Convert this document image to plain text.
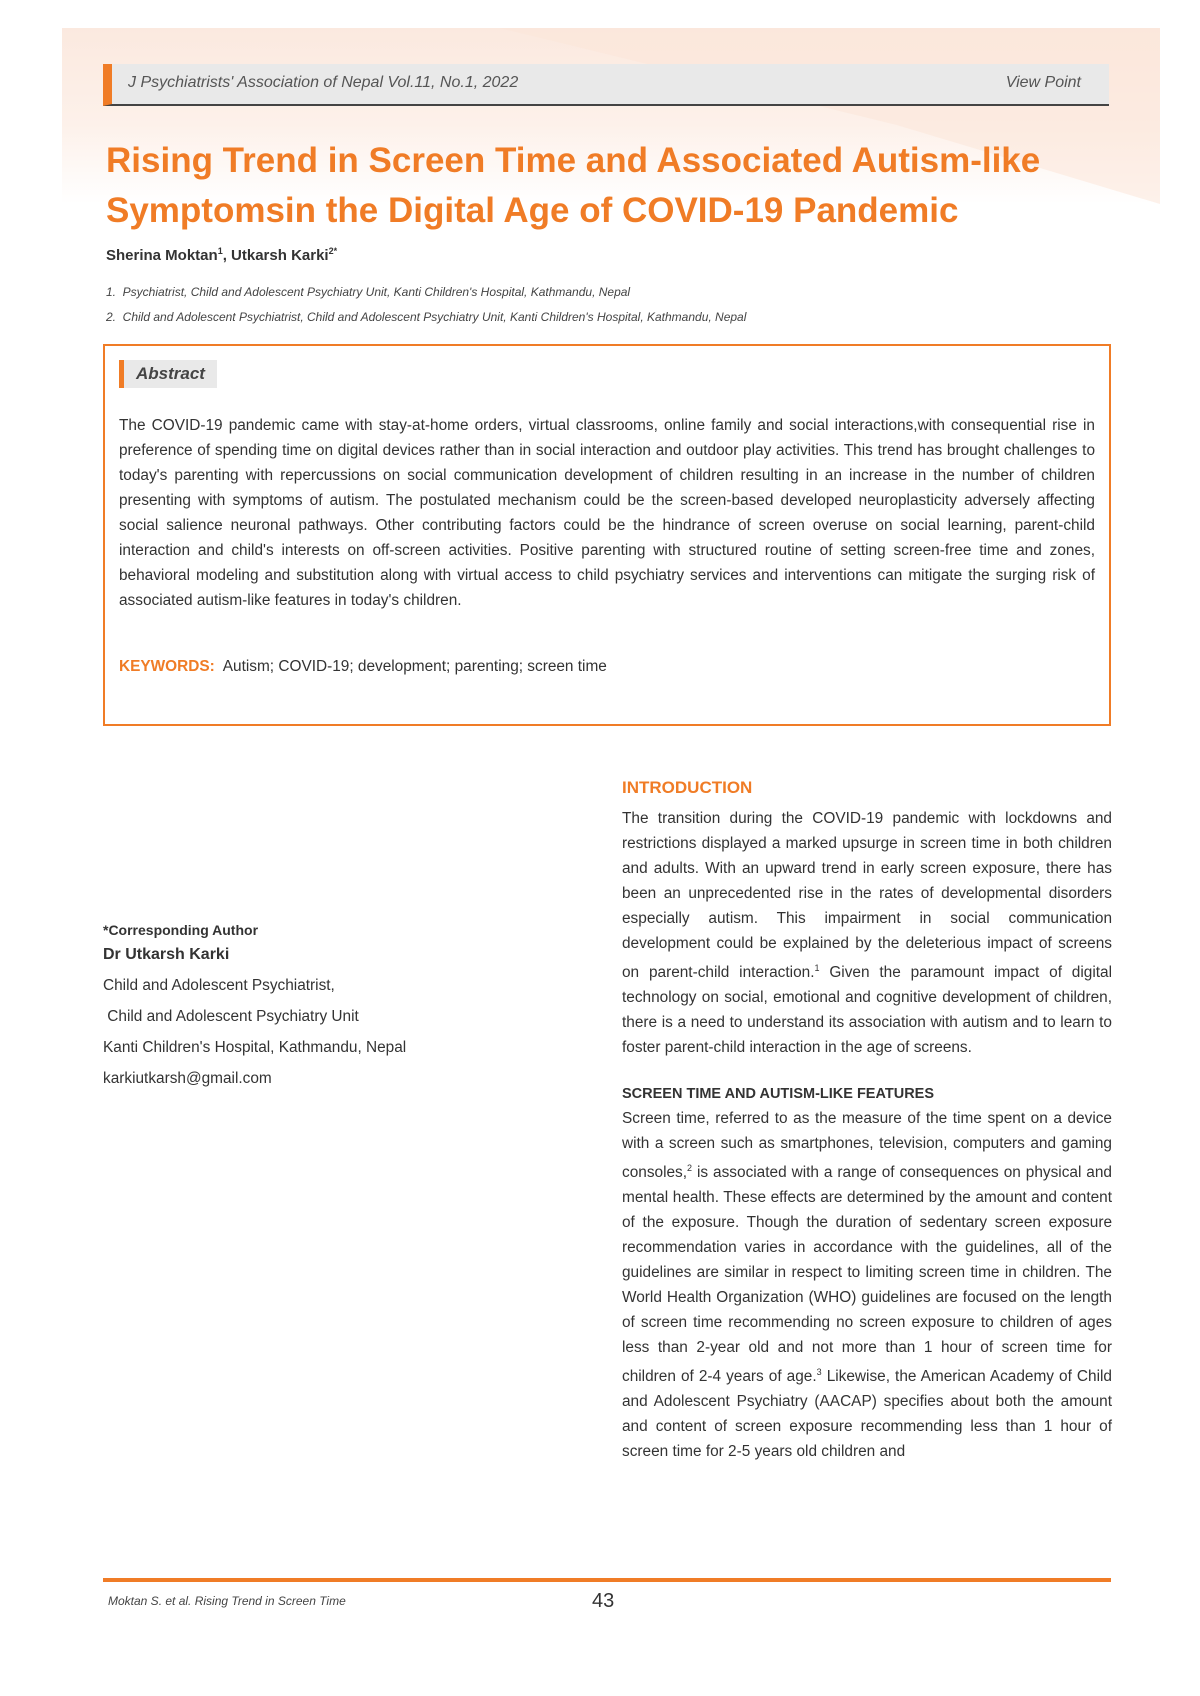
J Psychiatrists' Association of Nepal Vol.11, No.1, 2022	View Point
Rising Trend in Screen Time and Associated Autism-like
Symptomsin the Digital Age of COVID-19 Pandemic
Sherina Moktan$^1$, Utkarsh Karki$^{2*}$
1.  Psychiatrist, Child and Adolescent Psychiatry Unit, Kanti Children's Hospital, Kathmandu, Nepal
2.  Child and Adolescent Psychiatrist, Child and Adolescent Psychiatry Unit, Kanti Children's Hospital, Kathmandu, Nepal
Abstract

The COVID-19 pandemic came with stay-at-home orders, virtual classrooms, online family and social interactions,with consequential rise in preference of spending time on digital devices rather than in social interaction and outdoor play activities. This trend has brought challenges to today's parenting with repercussions on social communication development of children resulting in an increase in the number of children presenting with symptoms of autism. The postulated mechanism could be the screen-based developed neuroplasticity adversely affecting social salience neuronal pathways. Other contributing factors could be the hindrance of screen overuse on social learning, parent-child interaction and child's interests on off-screen activities. Positive parenting with structured routine of setting screen-free time and zones, behavioral modeling and substitution along with virtual access to child psychiatry services and interventions can mitigate the surging risk of associated autism-like features in today's children.

KEYWORDS: Autism; COVID-19; development; parenting; screen time
*Corresponding Author
Dr Utkarsh Karki
Child and Adolescent Psychiatrist,
Child and Adolescent Psychiatry Unit
Kanti Children's Hospital, Kathmandu, Nepal
karkiutkarsh@gmail.com
INTRODUCTION

The transition during the COVID-19 pandemic with lockdowns and restrictions displayed a marked upsurge in screen time in both children and adults. With an upward trend in early screen exposure, there has been an unprecedented rise in the rates of developmental disorders especially autism. This impairment in social communication development could be explained by the deleterious impact of screens on parent-child interaction.$^1$ Given the paramount impact of digital technology on social, emotional and cognitive development of children, there is a need to understand its association with autism and to learn to foster parent-child interaction in the age of screens.

SCREEN TIME AND AUTISM-LIKE FEATURES

Screen time, referred to as the measure of the time spent on a device with a screen such as smartphones, television, computers and gaming consoles,$^2$ is associated with a range of consequences on physical and mental health. These effects are determined by the amount and content of the exposure. Though the duration of sedentary screen exposure recommendation varies in accordance with the guidelines, all of the guidelines are similar in respect to limiting screen time in children. The World Health Organization (WHO) guidelines are focused on the length of screen time recommending no screen exposure to children of ages less than 2-year old and not more than 1 hour of screen time for children of 2-4 years of age.$^3$ Likewise, the American Academy of Child and Adolescent Psychiatry (AACAP) specifies about both the amount and content of screen exposure recommending less than 1 hour of screen time for 2-5 years old children and

Moktan S. et al. Rising Trend in Screen Time	43
